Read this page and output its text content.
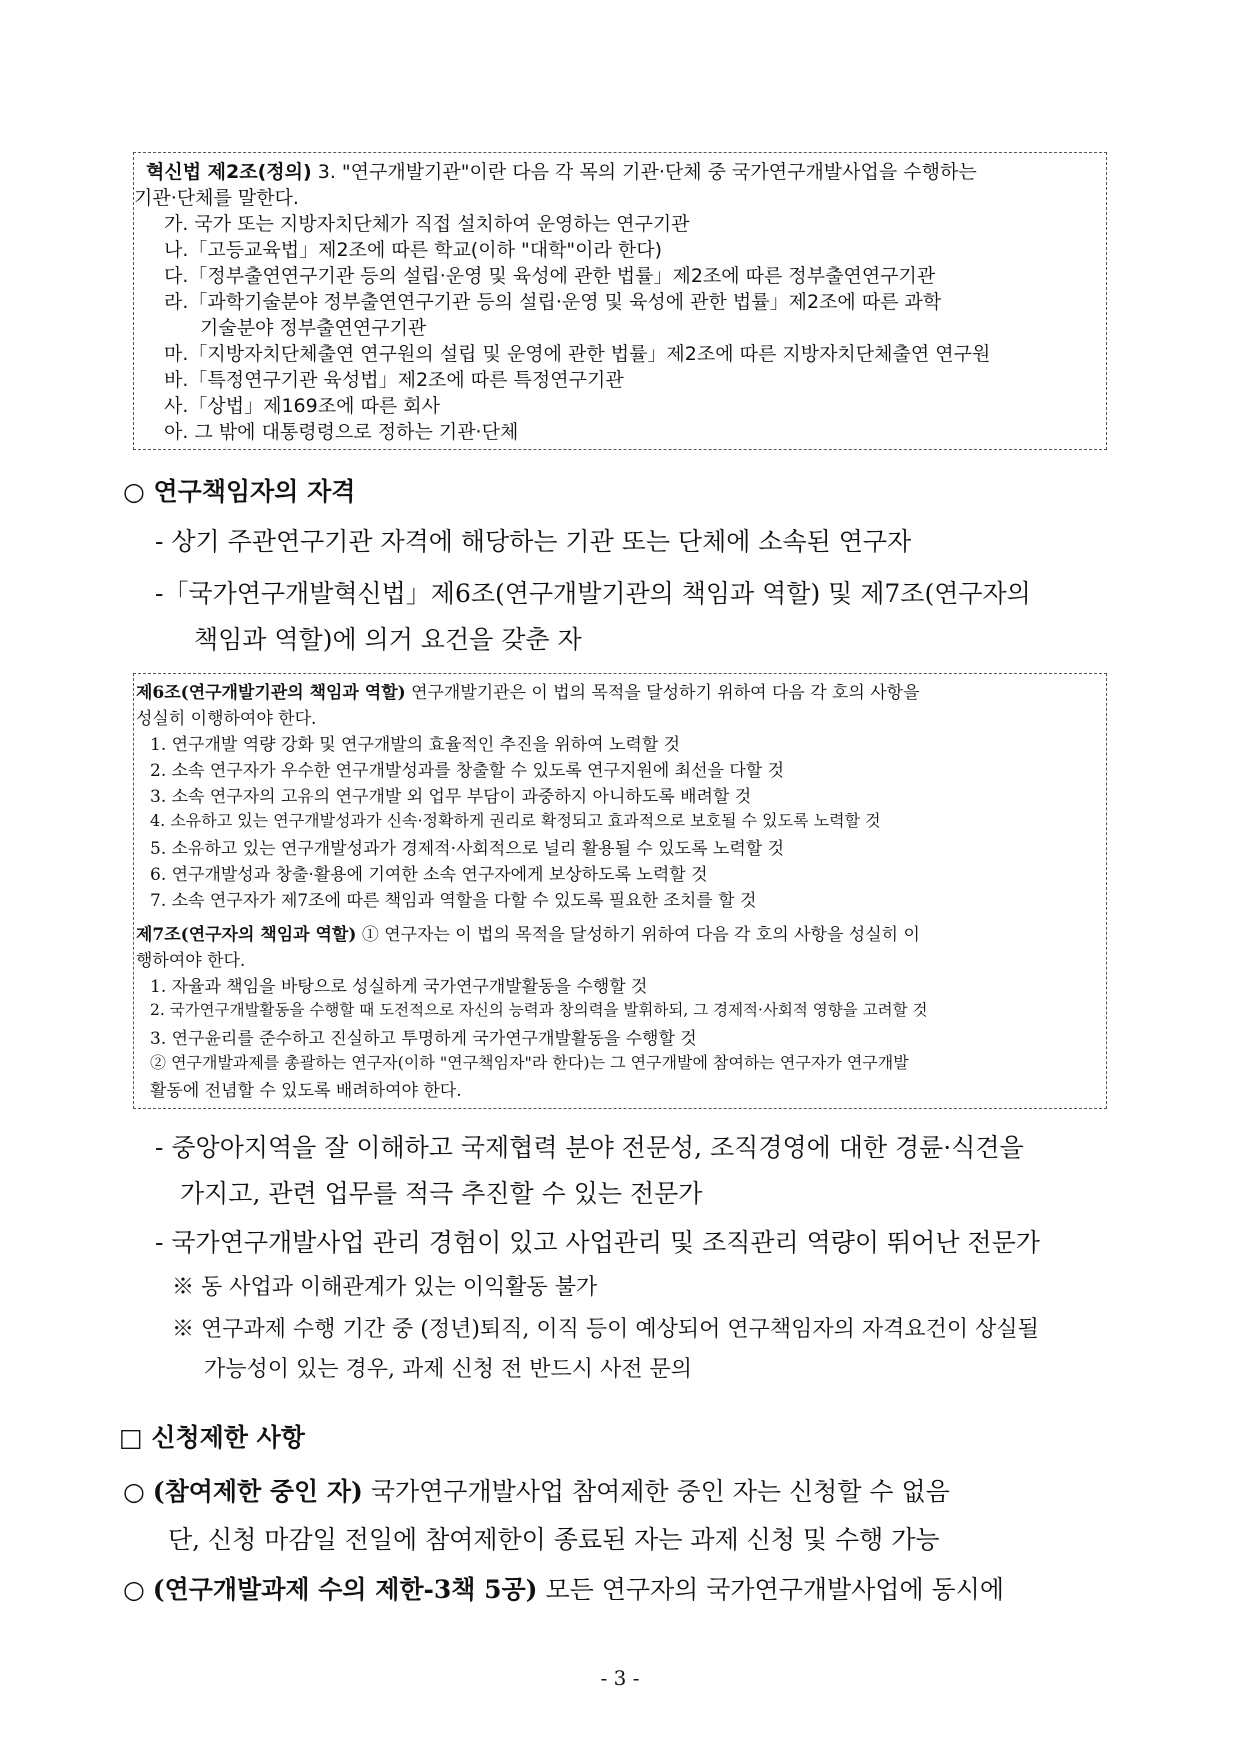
혁신법 제2조(정의) 3. "연구개발기관"이란 다음 각 목의 기관·단체 중 국가연구개발사업을 수행하는
기관·단체를 말한다.
가. 국가 또는 지방자치단체가 직접 설치하여 운영하는 연구기관
나.「고등교육법」제2조에 따른 학교(이하 "대학"이라 한다)
다.「정부출연연구기관 등의 설립·운영 및 육성에 관한 법률」제2조에 따른 정부출연연구기관
라.「과학기술분야 정부출연연구기관 등의 설립·운영 및 육성에 관한 법률」제2조에 따른 과학
기술분야 정부출연연구기관
마.「지방자치단체출연 연구원의 설립 및 운영에 관한 법률」제2조에 따른 지방자치단체출연 연구원
바.「특정연구기관 육성법」제2조에 따른 특정연구기관
사.「상법」제169조에 따른 회사
아. 그 밖에 대통령령으로 정하는 기관·단체
○ 연구책임자의 자격
- 상기 주관연구기관 자격에 해당하는 기관 또는 단체에 소속된 연구자
-「국가연구개발혁신법」제6조(연구개발기관의 책임과 역할) 및 제7조(연구자의
책임과 역할)에 의거 요건을 갖춘 자
제6조(연구개발기관의 책임과 역할) 연구개발기관은 이 법의 목적을 달성하기 위하여 다음 각 호의 사항을
성실히 이행하여야 한다.
1. 연구개발 역량 강화 및 연구개발의 효율적인 추진을 위하여 노력할 것
2. 소속 연구자가 우수한 연구개발성과를 창출할 수 있도록 연구지원에 최선을 다할 것
3. 소속 연구자의 고유의 연구개발 외 업무 부담이 과중하지 아니하도록 배려할 것
4. 소유하고 있는 연구개발성과가 신속·정확하게 권리로 확정되고 효과적으로 보호될 수 있도록 노력할 것
5. 소유하고 있는 연구개발성과가 경제적·사회적으로 널리 활용될 수 있도록 노력할 것
6. 연구개발성과 창출·활용에 기여한 소속 연구자에게 보상하도록 노력할 것
7. 소속 연구자가 제7조에 따른 책임과 역할을 다할 수 있도록 필요한 조치를 할 것
제7조(연구자의 책임과 역할) ① 연구자는 이 법의 목적을 달성하기 위하여 다음 각 호의 사항을 성실히 이
행하여야 한다.
1. 자율과 책임을 바탕으로 성실하게 국가연구개발활동을 수행할 것
2. 국가연구개발활동을 수행할 때 도전적으로 자신의 능력과 창의력을 발휘하되, 그 경제적·사회적 영향을 고려할 것
3. 연구윤리를 준수하고 진실하고 투명하게 국가연구개발활동을 수행할 것
② 연구개발과제를 총괄하는 연구자(이하 "연구책임자"라 한다)는 그 연구개발에 참여하는 연구자가 연구개발
활동에 전념할 수 있도록 배려하여야 한다.
- 중앙아지역을 잘 이해하고 국제협력 분야 전문성, 조직경영에 대한 경륜·식견을
가지고, 관련 업무를 적극 추진할 수 있는 전문가
- 국가연구개발사업 관리 경험이 있고 사업관리 및 조직관리 역량이 뛰어난 전문가
※ 동 사업과 이해관계가 있는 이익활동 불가
※ 연구과제 수행 기간 중 (정년)퇴직, 이직 등이 예상되어 연구책임자의 자격요건이 상실될
가능성이 있는 경우, 과제 신청 전 반드시 사전 문의
□ 신청제한 사항
○ (참여제한 중인 자) 국가연구개발사업 참여제한 중인 자는 신청할 수 없음
단, 신청 마감일 전일에 참여제한이 종료된 자는 과제 신청 및 수행 가능
○ (연구개발과제 수의 제한-3책 5공) 모든 연구자의 국가연구개발사업에 동시에
- 3 -
